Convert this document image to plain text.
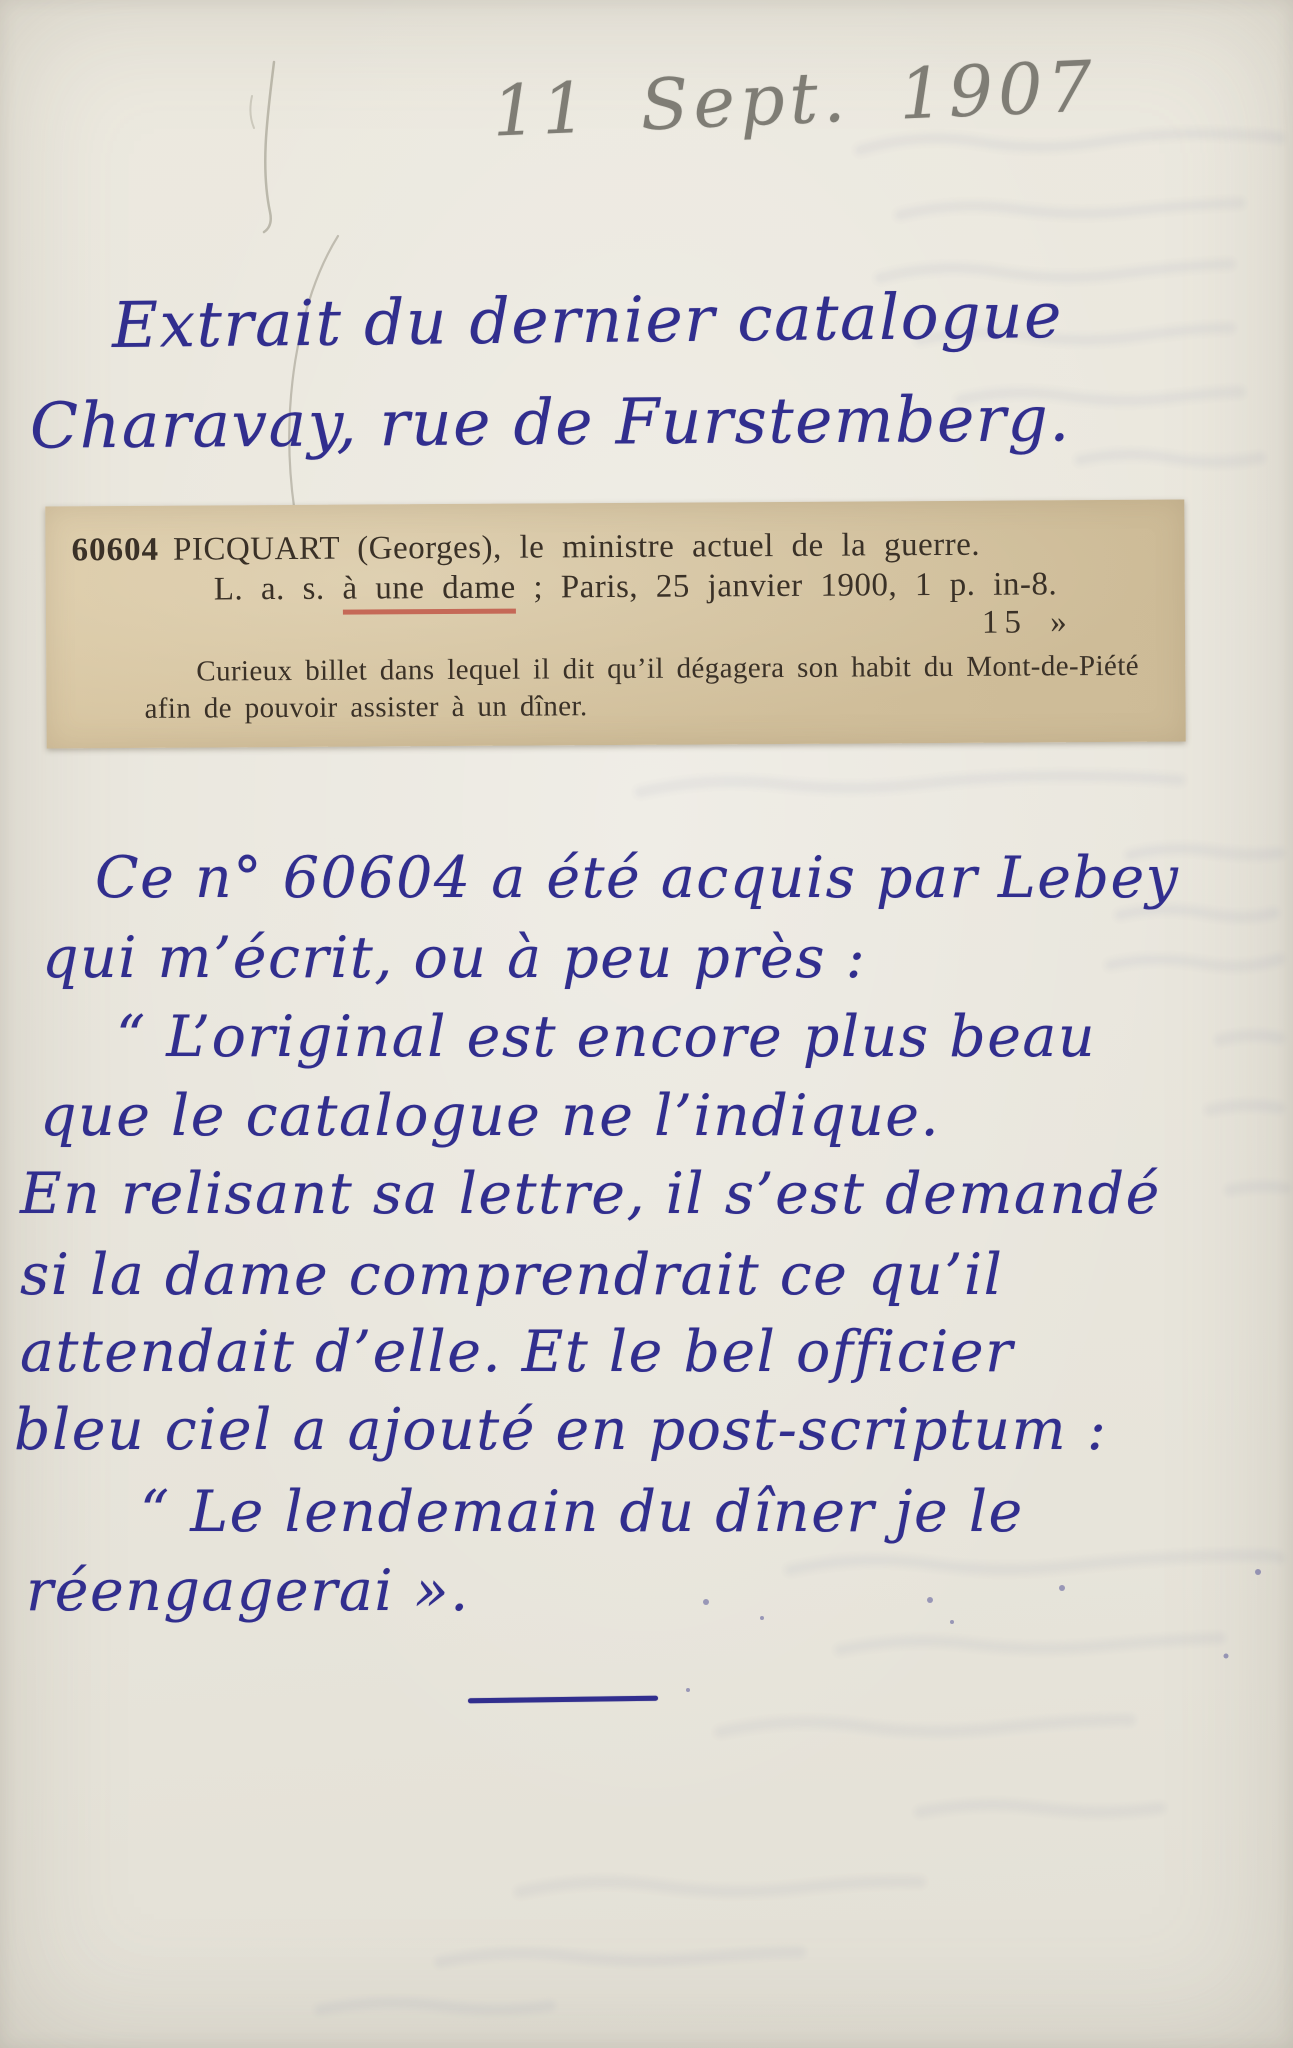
11 Sept. 1907
Extrait du dernier catalogue
Charavay, rue de Furstemberg.
60604 PICQUART (Georges), le ministre actuel de la guerre.
L. a. s. à une dame ; Paris, 25 janvier 1900, 1 p. in-8.
15 »
Curieux billet dans lequel il dit qu’il dégagera son habit du Mont-de-Piété afin de pouvoir assister à un dîner.
Ce n° 60604 a été acquis par Lebey
qui m’écrit, ou à peu près :
“ L’original est encore plus beau
que le catalogue ne l’indique.
En relisant sa lettre, il s’est demandé
si la dame comprendrait ce qu’il
attendait d’elle. Et le bel officier
bleu ciel a ajouté en post-scriptum :
“ Le lendemain du dîner je le
réengagerai ».
